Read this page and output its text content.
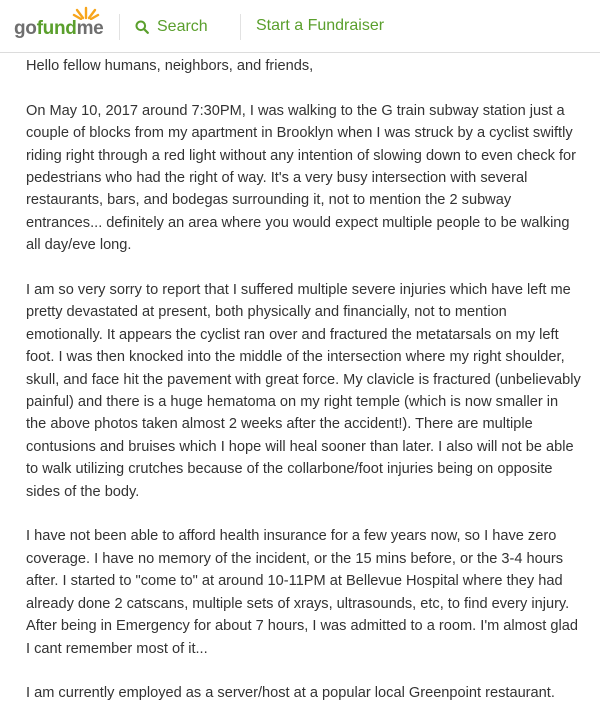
gofundme	Search	Start a Fundraiser

Hello fellow humans, neighbors, and friends,

On May 10, 2017 around 7:30PM, I was walking to the G train subway station just a couple of blocks from my apartment in Brooklyn when I was struck by a cyclist swiftly riding right through a red light without any intention of slowing down to even check for pedestrians who had the right of way. It's a very busy intersection with several restaurants, bars, and bodegas surrounding it, not to mention the 2 subway entrances... definitely an area where you would expect multiple people to be walking all day/eve long.

I am so very sorry to report that I suffered multiple severe injuries which have left me pretty devastated at present, both physically and financially, not to mention emotionally. It appears the cyclist ran over and fractured the metatarsals on my left foot. I was then knocked into the middle of the intersection where my right shoulder, skull, and face hit the pavement with great force. My clavicle is fractured (unbelievably painful) and there is a huge hematoma on my right temple (which is now smaller in the above photos taken almost 2 weeks after the accident!). There are multiple contusions and bruises which I hope will heal sooner than later. I also will not be able to walk utilizing crutches because of the collarbone/foot injuries being on opposite sides of the body.

I have not been able to afford health insurance for a few years now, so I have zero coverage. I have no memory of the incident, or the 15 mins before, or the 3-4 hours after. I started to "come to" at around 10-11PM at Bellevue Hospital where they had already done 2 catscans, multiple sets of xrays, ultrasounds, etc, to find every injury. After being in Emergency for about 7 hours, I was admitted to a room. I'm almost glad I cant remember most of it...

I am currently employed as a server/host at a popular local Greenpoint restaurant.
